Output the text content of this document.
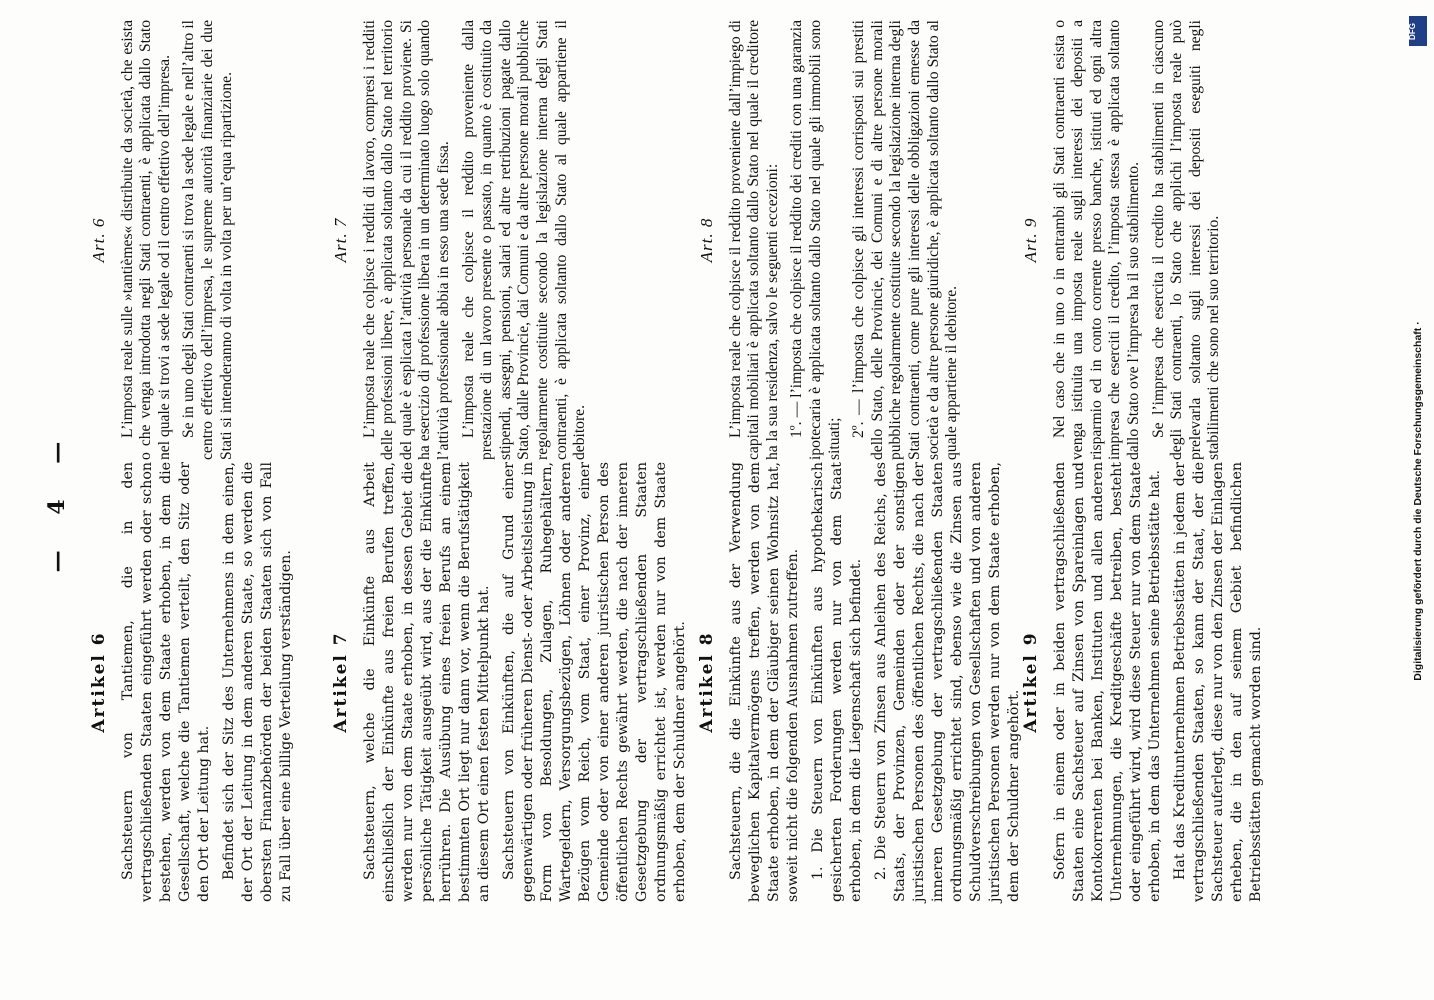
— 4 —
Artikel 6 Sachsteuern von Tantiemen, die in den vertragschließenden Staaten eingeführt werden oder schon bestehen, werden von dem Staate erhoben, in dem die Gesellschaft, welche die Tantiemen verteilt, den Sitz oder den Ort der Leitung hat. Befindet sich der Sitz des Unternehmens in dem einen, der Ort der Leitung in dem anderen Staate, so werden die obersten Finanzbehörden der beiden Staaten sich von Fall zu Fall über eine billige Verteilung verständigen. Artikel 7 Sachsteuern, welche die Einkünfte aus Arbeit einschließlich der Einkünfte aus freien Berufen treffen, werden nur von dem Staate erhoben, in dessen Gebiet die persönliche Tätigkeit ausgeübt wird, aus der die Einkünfte herrühren. Die Ausübung eines freien Berufs an einem bestimmten Ort liegt nur dann vor, wenn die Berufstätigkeit an diesem Ort einen festen Mittelpunkt hat. Sachsteuern von Einkünften, die auf Grund einer gegenwärtigen oder früheren Dienst- oder Arbeitsleistung in Form von Besoldungen, Zulagen, Ruhegehältern, Wartegeldern, Versorgungsbezügen, Löhnen oder anderen Bezügen vom Reich, vom Staat, einer Provinz, einer Gemeinde oder von einer anderen juristischen Person des öffentlichen Rechts gewährt werden, die nach der inneren Gesetzgebung der vertragschließenden Staaten ordnungsmäßig errichtet ist, werden nur von dem Staate erhoben, dem der Schuldner angehört. Artikel 8 Sachsteuern, die die Einkünfte aus der Verwendung beweglichen Kapitalvermögens treffen, werden von dem Staate erhoben, in dem der Gläubiger seinen Wohnsitz hat, soweit nicht die folgenden Ausnahmen zutreffen. 1. Die Steuern von Einkünften aus hypothekarisch gesicherten Forderungen werden nur von dem Staat erhoben, in dem die Liegenschaft sich befindet. 2. Die Steuern von Zinsen aus Anleihen des Reichs, des Staats, der Provinzen, Gemeinden oder der sonstigen juristischen Personen des öffentlichen Rechts, die nach der inneren Gesetzgebung der vertragschließenden Staaten ordnungsmäßig errichtet sind, ebenso wie die Zinsen aus Schuldverschreibungen von Gesellschaften und von anderen juristischen Personen werden nur von dem Staate erhoben, dem der Schuldner angehört.

Artikel 9 Sofern in einem oder in beiden vertragschließenden Staaten eine Sachsteuer auf Zinsen von Spareinlagen und Kontokorrenten bei Banken, Instituten und allen anderen Unternehmungen, die Kreditgeschäfte betreiben, besteht oder eingeführt wird, wird diese Steuer nur von dem Staate erhoben, in dem das Unternehmen seine Betriebsstätte hat. Hat das Kreditunternehmen Betriebsstätten in jedem der vertragschließenden Staaten, so kann der Staat, der die Sachsteuer auferlegt, diese nur von den Zinsen der Einlagen erheben, die in den auf seinem Gebiet befindlichen Betriebsstätten gemacht worden sind.

Art. 6 L’imposta reale sulle »tantièmes« distribuite da società, che esista o che venga introdotta negli Stati contraenti, è applicata dallo Stato nel quale si trovi a sede legale od il centro effettivo dell’impresa. Se in uno degli Stati contraenti si trova la sede legale e nell’altro il centro effettivo dell’impresa, le supreme autorità finanziarie dei due Stati si intenderanno di volta in volta per un’equa ripartizione.	Art. 7 L’imposta reale che colpisce i redditi di lavoro, compresi i redditi delle professioni libere, è applicata soltanto dallo Stato nel territorio del quale è esplicata l’attività personale da cui il reddito proviene. Si ha esercizio di professione libera in un determinato luogo solo quando l’attività professionale abbia in esso una sede fissa. L’imposta reale che colpisce il reddito proveniente dalla prestazione di un lavoro presente o passato, in quanto è costituito da stipendi, assegni, pensioni, salari ed altre retribuzioni pagate dallo Stato, dalle Provincie, dai Comuni e da altre persone morali pubbliche regolarmente costituite secondo la legislazione interna degli Stati contraenti, è applicata soltanto dallo Stato al quale appartiene il debitore.

Art. 8 L’imposta reale che colpisce il reddito proveniente dall’impiego di capitali mobiliari è applicata soltanto dallo Stato nel quale il creditore ha la sua residenza, salvo le seguenti eccezioni: 1º. — l’imposta che colpisce il reddito dei crediti con una garanzia ipotecaria è applicata soltanto dallo Stato nel quale gli immobili sono situati;

2º. — l’imposta che colpisce gli interessi corrisposti sui prestiti dello Stato, delle Provincie, dei Comuni e di altre persone morali pubbliche regolarmente costituite secondo la legislazione interna degli Stati contraenti, come pure gli interessi delle obbligazioni emesse da società e da altre persone giuridiche, è applicata soltanto dallo Stato al quale appartiene il debitore.

Art. 9 Nel caso che in uno o in entrambi gli Stati contraenti esista o venga istituita una imposta reale sugli interessi dei depositi a risparmio ed in conto corrente presso banche, istituti ed ogni altra impresa che eserciti il credito, l’imposta stessa è applicata soltanto dallo Stato ove l’impresa ha il suo stabilimento. Se l’impresa che esercita il credito ha stabilimenti in ciascuno degli Stati contraenti, lo Stato che applichi l’imposta reale può prelevarla soltanto sugli interessi dei depositi eseguiti negli stabilimenti che sono nel suo territorio.

DFG
Digitalisierung gefördert durch die Deutsche Forschungsgemeinschaft ·
